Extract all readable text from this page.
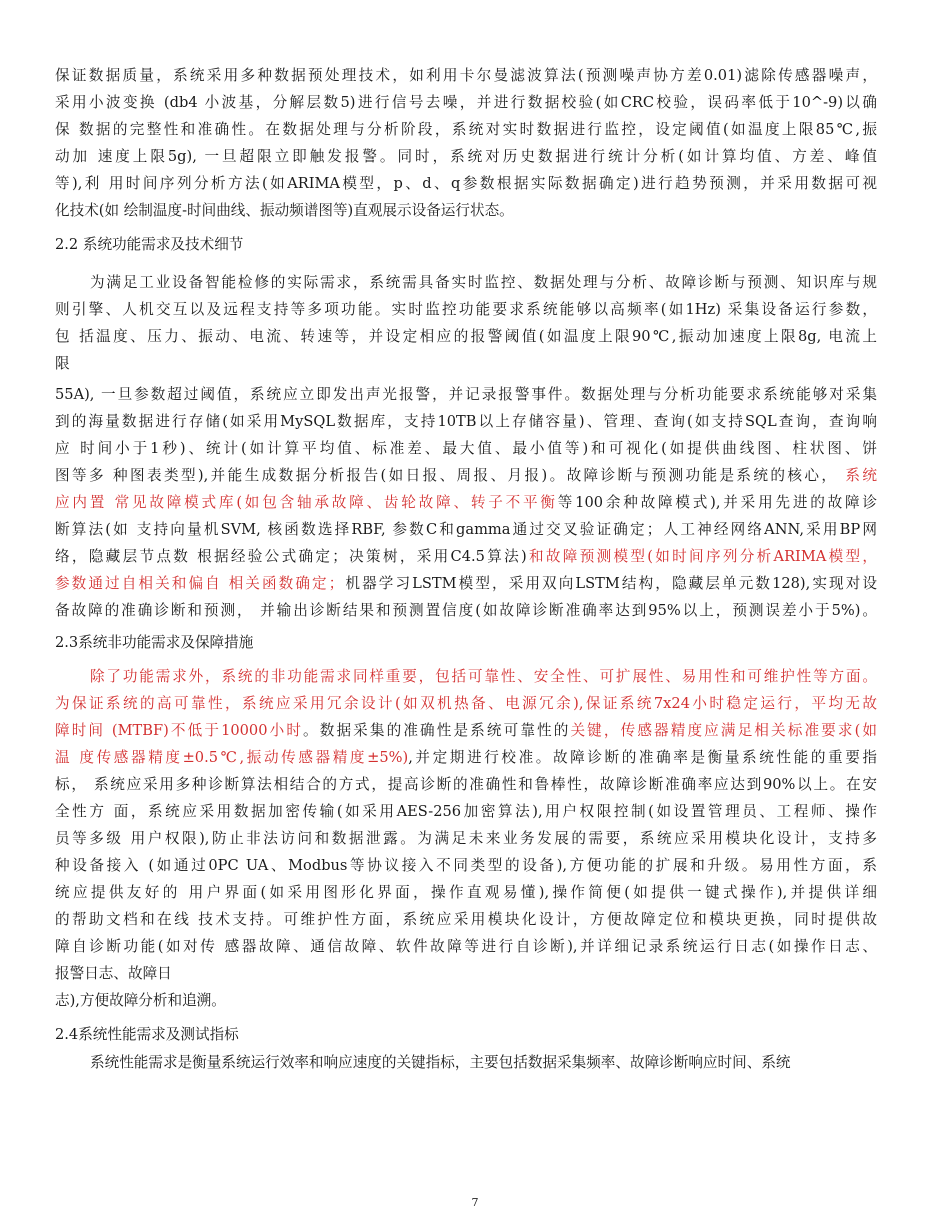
保证数据质量，系统采用多种数据预处理技术，如利用卡尔曼滤波算法(预测噪声协方差0.01)滤除传感器噪声，
采用小波变换 (db4 小波基，分解层数5)进行信号去噪，并进行数据校验(如CRC校验，误码率低于10^-9)以确
保 数据的完整性和准确性。在数据处理与分析阶段，系统对实时数据进行监控，设定阈值(如温度上限85℃,振
动加 速度上限5g), 一旦超限立即触发报警。同时，系统对历史数据进行统计分析(如计算均值、方差、峰值
等),利 用时间序列分析方法(如ARIMA模型，p、d、q参数根据实际数据确定)进行趋势预测，并采用数据可视
化技术(如 绘制温度-时间曲线、振动频谱图等)直观展示设备运行状态。
2.2 系统功能需求及技术细节
为满足工业设备智能检修的实际需求，系统需具备实时监控、数据处理与分析、故障诊断与预测、知识库与规
则引擎、人机交互以及远程支持等多项功能。实时监控功能要求系统能够以高频率(如1Hz) 采集设备运行参数，
包 括温度、压力、振动、电流、转速等，并设定相应的报警阈值(如温度上限90℃,振动加速度上限8g, 电流上
限
55A), 一旦参数超过阈值，系统应立即发出声光报警，并记录报警事件。数据处理与分析功能要求系统能够对采集
到的海量数据进行存储(如采用MySQL数据库，支持10TB以上存储容量)、管理、查询(如支持SQL查询，查询响
应 时间小于1秒)、统计(如计算平均值、标准差、最大值、最小值等)和可视化(如提供曲线图、柱状图、饼
图等多 种图表类型),并能生成数据分析报告(如日报、周报、月报)。故障诊断与预测功能是系统的核心， 系统
应内置 常见故障模式库(如包含轴承故障、齿轮故障、转子不平衡等100余种故障模式),并采用先进的故障诊
断算法(如 支持向量机SVM, 核函数选择RBF, 参数C和gamma通过交叉验证确定；人工神经网络ANN,采用BP网
络，隐藏层节点数 根据经验公式确定；决策树，采用C4.5算法)和故障预测模型(如时间序列分析ARIMA模型，
参数通过自相关和偏自 相关函数确定；机器学习LSTM模型，采用双向LSTM结构，隐藏层单元数128),实现对设
备故障的准确诊断和预测， 并输出诊断结果和预测置信度(如故障诊断准确率达到95%以上，预测误差小于5%)。
2.3系统非功能需求及保障措施
除了功能需求外，系统的非功能需求同样重要，包括可靠性、安全性、可扩展性、易用性和可维护性等方面。
为保证系统的高可靠性，系统应采用冗余设计(如双机热备、电源冗余),保证系统7x24小时稳定运行，平均无故
障时间 (MTBF)不低于10000小时。数据采集的准确性是系统可靠性的关键，传感器精度应满足相关标准要求(如
温 度传感器精度±0.5℃,振动传感器精度±5%),并定期进行校准。故障诊断的准确率是衡量系统性能的重要指
标， 系统应采用多种诊断算法相结合的方式，提高诊断的准确性和鲁棒性，故障诊断准确率应达到90%以上。在安
全性方 面，系统应采用数据加密传输(如采用AES-256加密算法),用户权限控制(如设置管理员、工程师、操作
员等多级 用户权限),防止非法访问和数据泄露。为满足未来业务发展的需要，系统应采用模块化设计，支持多
种设备接入 (如通过0PC UA、Modbus等协议接入不同类型的设备),方便功能的扩展和升级。易用性方面，系
统应提供友好的 用户界面(如采用图形化界面，操作直观易懂),操作简便(如提供一键式操作),并提供详细
的帮助文档和在线 技术支持。可维护性方面，系统应采用模块化设计，方便故障定位和模块更换，同时提供故
障自诊断功能(如对传 感器故障、通信故障、软件故障等进行自诊断),并详细记录系统运行日志(如操作日志、
报警日志、故障日
志),方便故障分析和追溯。
2.4系统性能需求及测试指标
系统性能需求是衡量系统运行效率和响应速度的关键指标，主要包括数据采集频率、故障诊断响应时间、系统
7
